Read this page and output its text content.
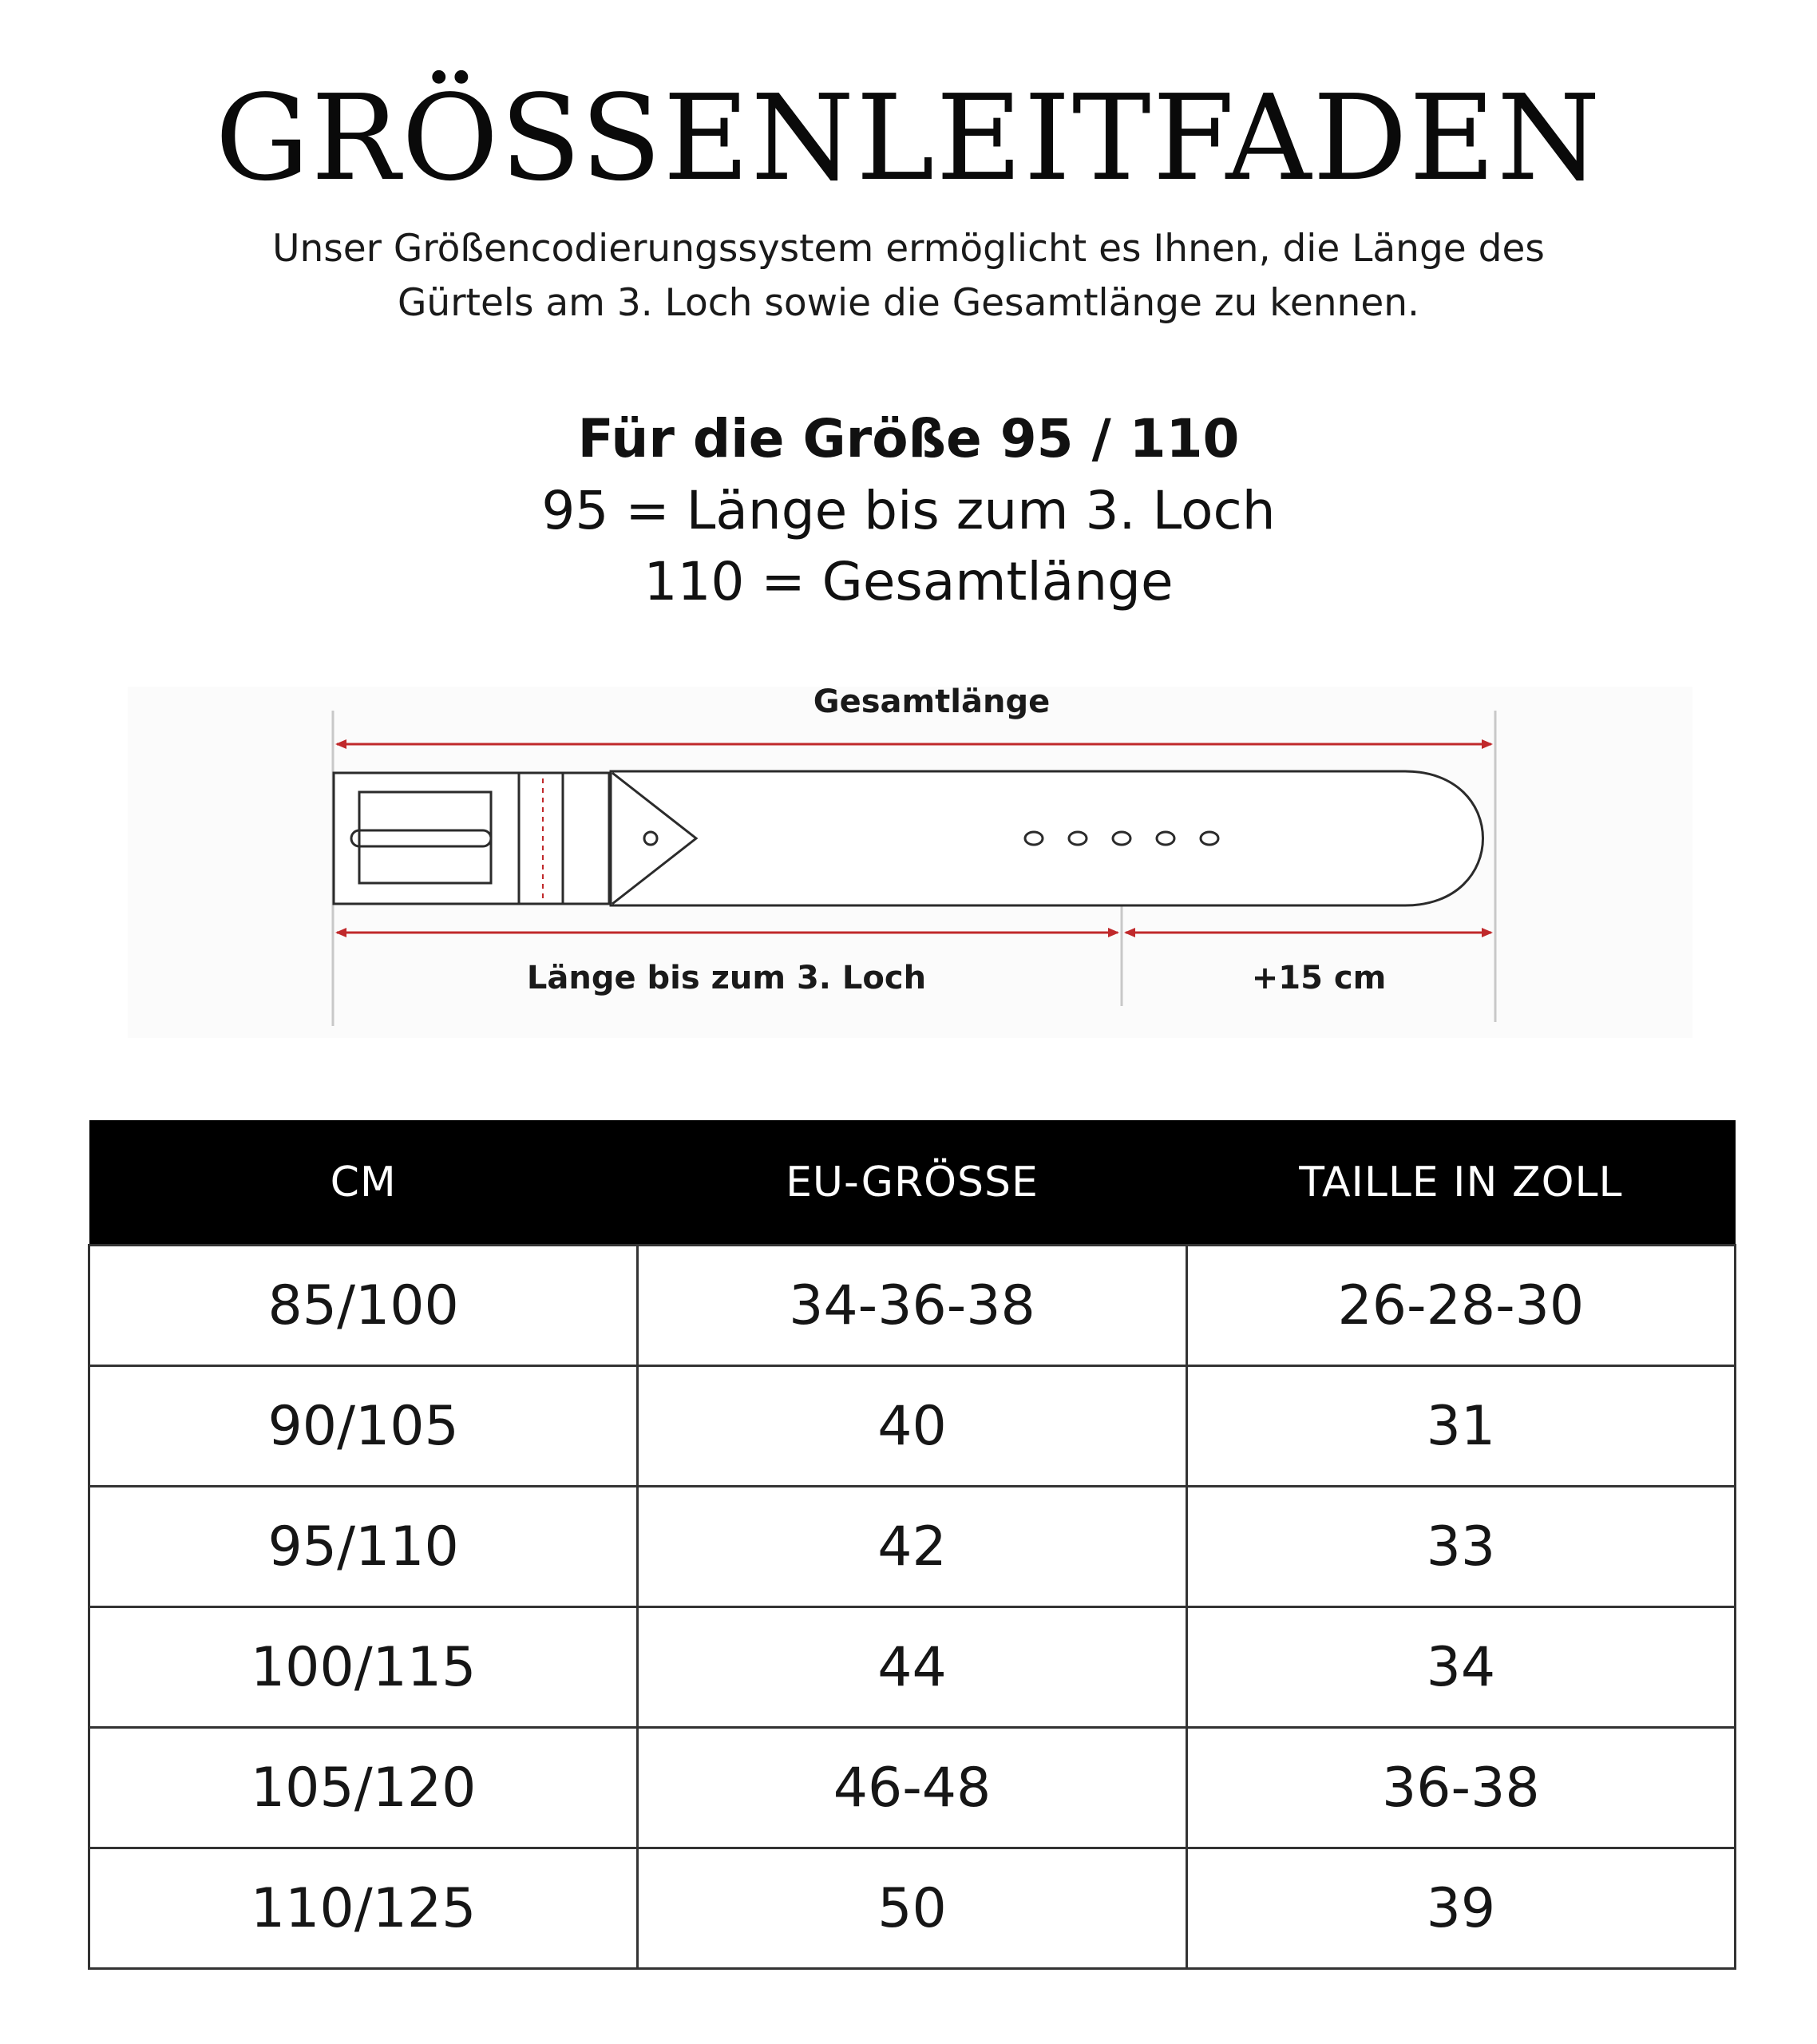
GRÖSSENLEITFADEN
Unser Größencodierungssystem ermöglicht es Ihnen, die Länge des
Gürtels am 3. Loch sowie die Gesamtlänge zu kennen.
Für die Größe 95 / 110
95 = Länge bis zum 3. Loch
110 = Gesamtlänge
Gesamtlänge
Länge bis zum 3. Loch	+15 cm
CM	EU-GRÖSSE	TAILLE IN ZOLL
85/100	34-36-38	26-28-30
90/105	40	31
95/110	42	33
100/115	44	34
105/120	46-48	36-38
110/125	50	39
